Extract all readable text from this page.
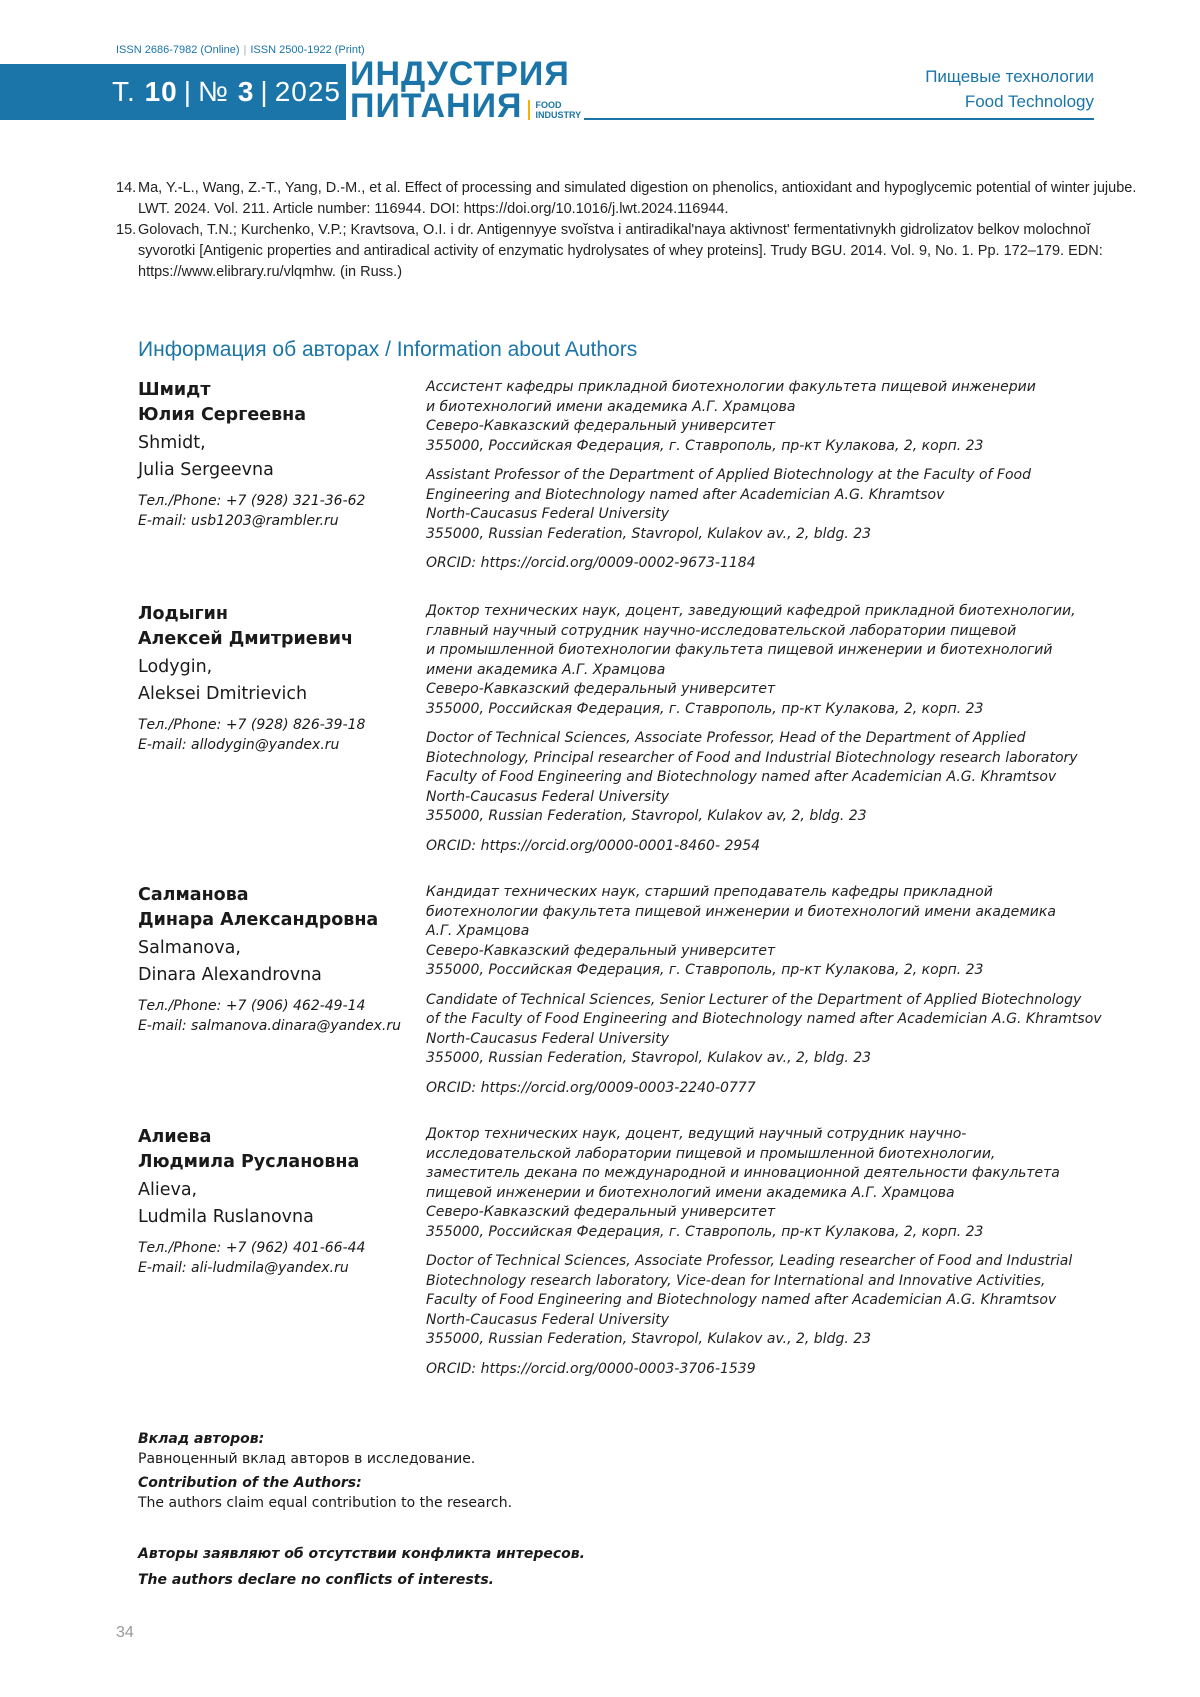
ISSN 2686-7982 (Online) | ISSN 2500-1922 (Print)
Т.
10 | №
3 | 2025 ИНДУСТРИЯ
ПИТАНИЯ	FOOD
INDUSTRY
Пищевые технологии
Food Technology
14. Ma, Y.-L., Wang, Z.-T., Yang, D.-M., et al. Effect of processing and simulated digestion on phenolics, antioxidant and hypoglycemic potential of winter jujube. LWT. 2024. Vol. 211. Article number: 116944. DOI: https://doi.org/10.1016/j.lwt.2024.116944.
15. Golovach, T.N.; Kurchenko, V.P.; Kravtsova, O.I. i dr. Antigennyye svoĭstva i antiradikal'naya aktivnost' fermentativnykh gidrolizatov belkov molochnoĭ syvorotki [Antigenic properties and antiradical activity of enzymatic hydrolysates of whey proteins]. Trudy BGU. 2014. Vol. 9, No. 1. Pp. 172–179. EDN: https://www.elibrary.ru/vlqmhw. (in Russ.)
Информация об авторах / Information about Authors
Шмидт
Юлия Сергеевна
Shmidt,
Julia Sergeevna
Тел./Phone: +7 (928) 321-36-62
E-mail: usb1203@rambler.ru

Ассистент кафедры прикладной биотехнологии факультета пищевой инженерии
и биотехнологий имени академика А.Г. Храмцова
Северо-Кавказский федеральный университет
355000, Российская Федерация, г. Ставрополь, пр-кт Кулакова, 2, корп. 23

Assistant Professor of the Department of Applied Biotechnology at the Faculty of Food
Engineering and Biotechnology named after Academician A.G. Khramtsov
North-Caucasus Federal University
355000, Russian Federation, Stavropol, Kulakov av., 2, bldg. 23

ORCID: https://orcid.org/0009-0002-9673-1184

Лодыгин
Алексей Дмитриевич
Lodygin,
Aleksei Dmitrievich
Тел./Phone: +7 (928) 826-39-18
E-mail: allodygin@yandex.ru

Доктор технических наук, доцент, заведующий кафедрой прикладной биотехнологии,
главный научный сотрудник научно-исследовательской лаборатории пищевой
и промышленной биотехнологии факультета пищевой инженерии и биотехнологий
имени академика А.Г. Храмцова
Северо-Кавказский федеральный университет
355000, Российская Федерация, г. Ставрополь, пр-кт Кулакова, 2, корп. 23

Doctor of Technical Sciences, Associate Professor, Head of the Department of Applied
Biotechnology, Principal researcher of Food and Industrial Biotechnology research laboratory
Faculty of Food Engineering and Biotechnology named after Academician A.G. Khramtsov
North-Caucasus Federal University
355000, Russian Federation, Stavropol, Kulakov av, 2, bldg. 23

ORCID: https://orcid.org/0000-0001-8460- 2954

Салманова
Динара Александровна
Salmanova,
Dinara Alexandrovna
Тел./Phone: +7 (906) 462-49-14
E-mail: salmanova.dinara@yandex.ru

Кандидат технических наук, старший преподаватель кафедры прикладной
биотехнологии факультета пищевой инженерии и биотехнологий имени академика
А.Г. Храмцова
Северо-Кавказский федеральный университет
355000, Российская Федерация, г. Ставрополь, пр-кт Кулакова, 2, корп. 23

Candidate of Technical Sciences, Senior Lecturer of the Department of Applied Biotechnology
of the Faculty of Food Engineering and Biotechnology named after Academician A.G. Khramtsov
North-Caucasus Federal University
355000, Russian Federation, Stavropol, Kulakov av., 2, bldg. 23

ORCID: https://orcid.org/0009-0003-2240-0777

Алиева
Людмила Руслановна
Alieva,
Ludmila Ruslanovna
Тел./Phone: +7 (962) 401-66-44
E-mail: ali-ludmila@yandex.ru

Доктор технических наук, доцент, ведущий научный сотрудник научно-
исследовательской лаборатории пищевой и промышленной биотехнологии,
заместитель декана по международной и инновационной деятельности факультета
пищевой инженерии и биотехнологий имени академика А.Г. Храмцова
Северо-Кавказский федеральный университет
355000, Российская Федерация, г. Ставрополь, пр-кт Кулакова, 2, корп. 23

Doctor of Technical Sciences, Associate Professor, Leading researcher of Food and Industrial
Biotechnology research laboratory, Vice-dean for International and Innovative Activities,
Faculty of Food Engineering and Biotechnology named after Academician A.G. Khramtsov
North-Caucasus Federal University
355000, Russian Federation, Stavropol, Kulakov av., 2, bldg. 23

ORCID: https://orcid.org/0000-0003-3706-1539

Вклад авторов:
Равноценный вклад авторов в исследование.
Contribution of the Authors:
The authors claim equal contribution to the research.
Авторы заявляют об отсутствии конфликта интересов.
The authors declare no conflicts of interests.
34
